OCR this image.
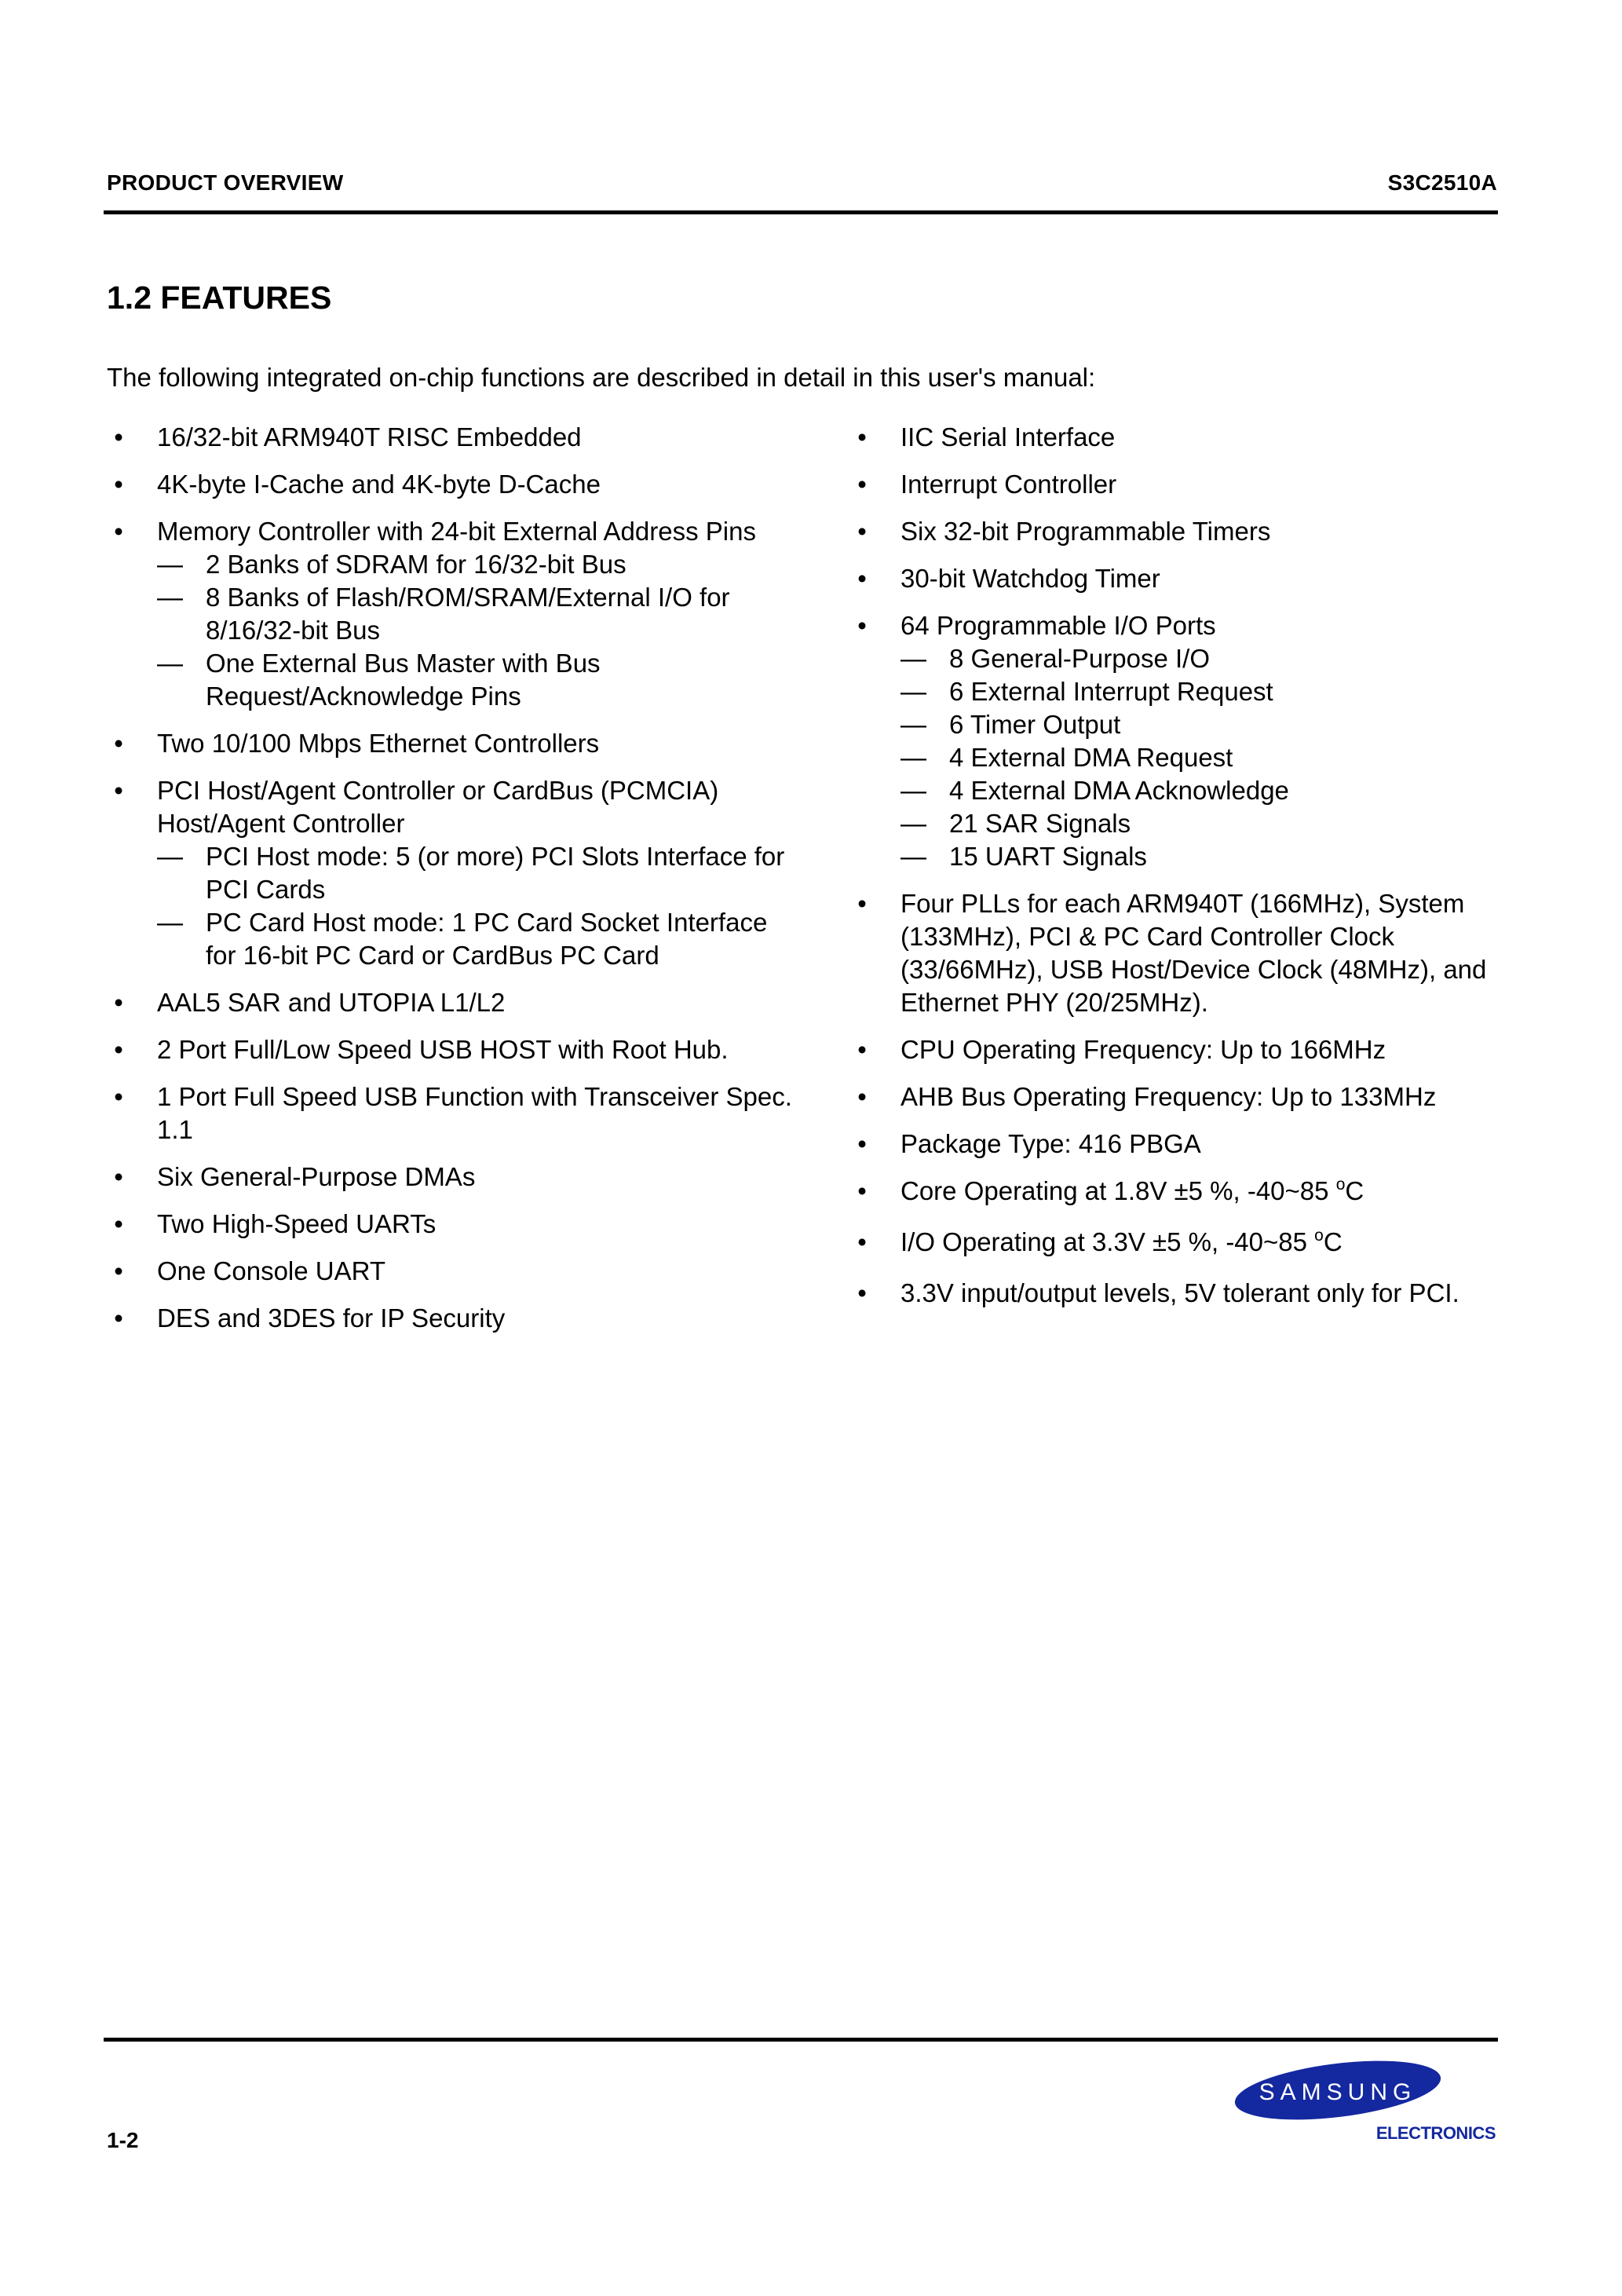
PRODUCT OVERVIEW	S3C2510A
1.2 FEATURES
The following integrated on-chip functions are described in detail in this user's manual:
• 16/32-bit ARM940T RISC Embedded
• 4K-byte I-Cache and 4K-byte D-Cache
• Memory Controller with 24-bit External Address Pins
— 2 Banks of SDRAM for 16/32-bit Bus
— 8 Banks of Flash/ROM/SRAM/External I/O for 8/16/32-bit Bus
— One External Bus Master with Bus Request/Acknowledge Pins
• Two 10/100 Mbps Ethernet Controllers
• PCI Host/Agent Controller or CardBus (PCMCIA) Host/Agent Controller
— PCI Host mode: 5 (or more) PCI Slots Interface for PCI Cards
— PC Card Host mode: 1 PC Card Socket Interface for 16-bit PC Card or CardBus PC Card
• AAL5 SAR and UTOPIA L1/L2
• 2 Port Full/Low Speed USB HOST with Root Hub.
• 1 Port Full Speed USB Function with Transceiver Spec. 1.1
• Six General-Purpose DMAs
• Two High-Speed UARTs
• One Console UART
• DES and 3DES for IP Security
• IIC Serial Interface
• Interrupt Controller
• Six 32-bit Programmable Timers
• 30-bit Watchdog Timer
• 64 Programmable I/O Ports
— 8 General-Purpose I/O
— 6 External Interrupt Request
— 6 Timer Output
— 4 External DMA Request
— 4 External DMA Acknowledge
— 21 SAR Signals
— 15 UART Signals
• Four PLLs for each ARM940T (166MHz), System (133MHz), PCI & PC Card Controller Clock (33/66MHz), USB Host/Device Clock (48MHz), and Ethernet PHY (20/25MHz).
• CPU Operating Frequency: Up to 166MHz
• AHB Bus Operating Frequency: Up to 133MHz
• Package Type: 416 PBGA
• Core Operating at 1.8V ±5 %, -40~85 $^o$C
• I/O Operating at 3.3V ±5 %, -40~85 $^o$C
• 3.3V input/output levels, 5V tolerant only for PCI.
1-2
SAMSUNG
ELECTRONICS
